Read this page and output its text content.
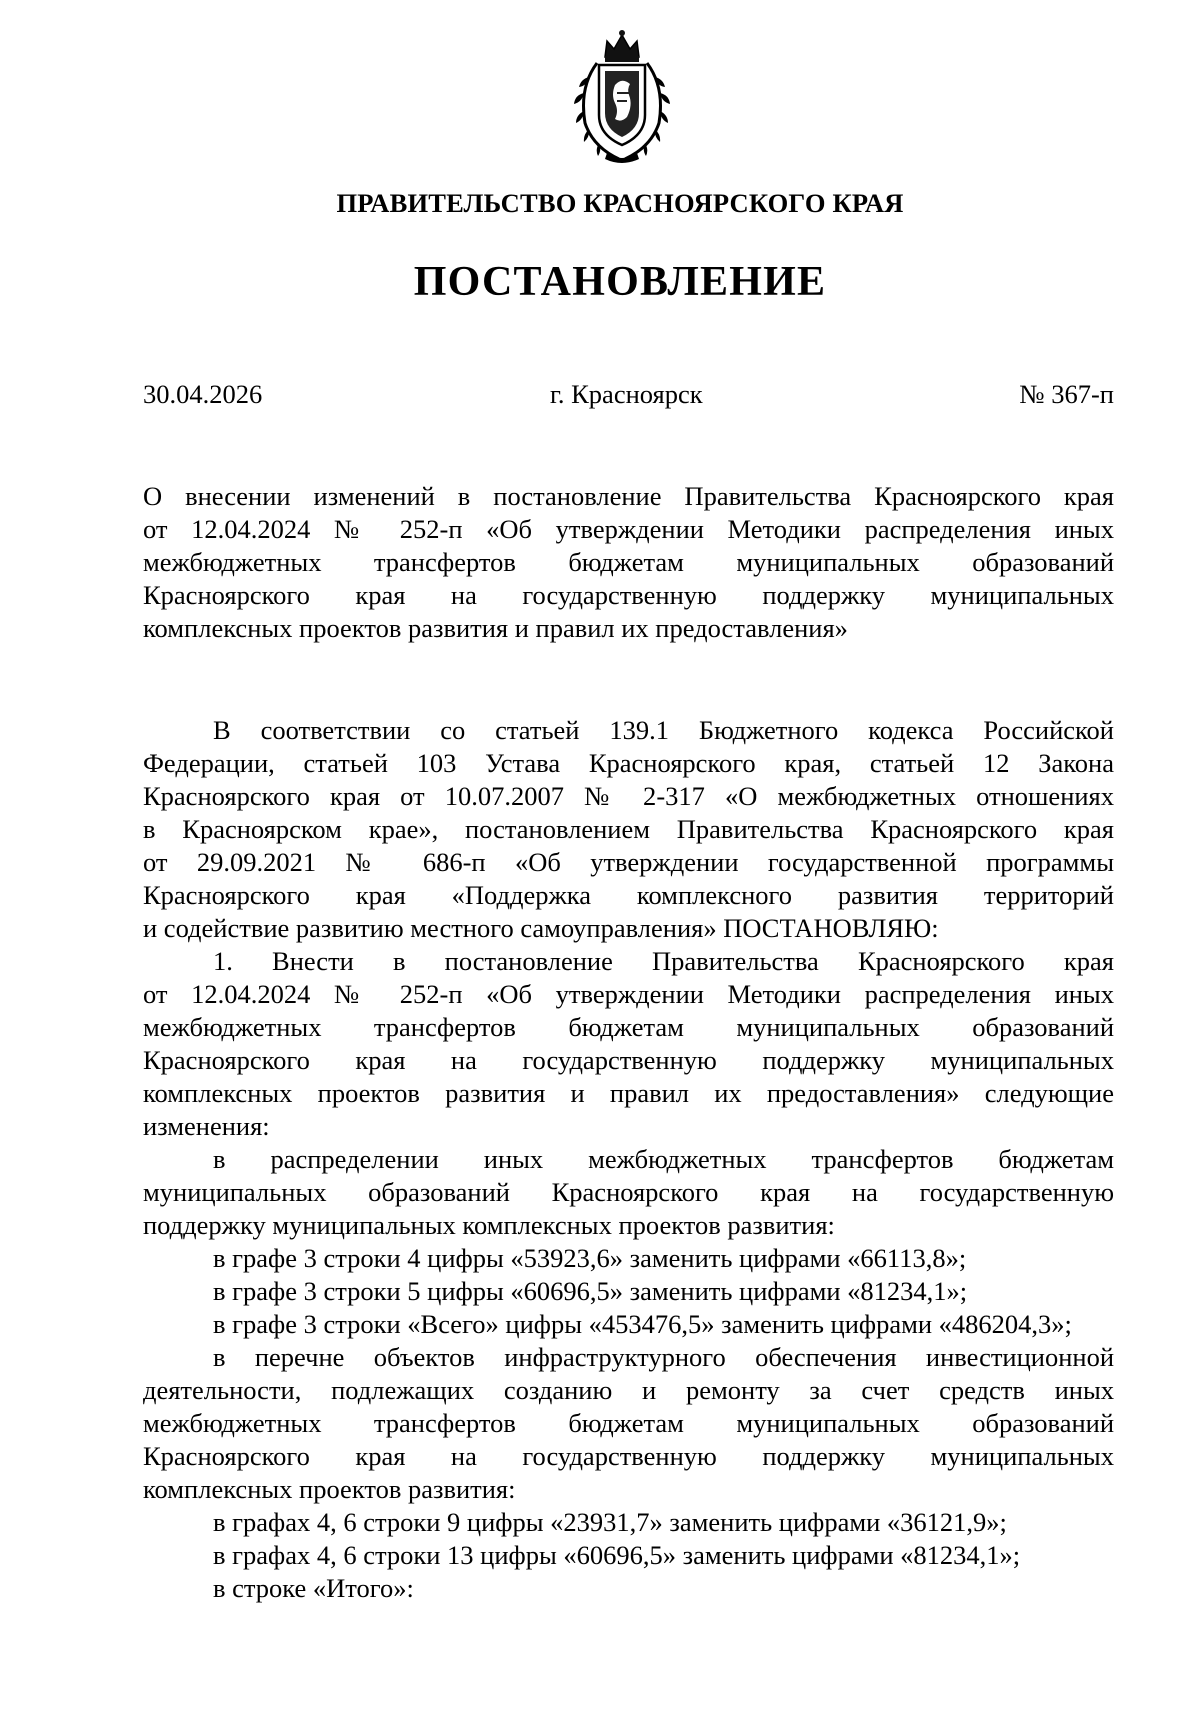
ПРАВИТЕЛЬСТВО КРАСНОЯРСКОГО КРАЯ
ПОСТАНОВЛЕНИЕ
30.04.2026	г. Красноярск	№ 367-п

О внесении изменений в постановление Правительства Красноярского края

от 12.04.2024 № 252-п «Об утверждении Методики распределения иных

межбюджетных трансфертов бюджетам муниципальных образований

Красноярского края на государственную поддержку муниципальных

комплексных проектов развития и правил их предоставления»

В соответствии со статьей 139.1 Бюджетного кодекса Российской

Федерации, статьей 103 Устава Красноярского края, статьей 12 Закона

Красноярского края от 10.07.2007 № 2-317 «О межбюджетных отношениях

в Красноярском крае», постановлением Правительства Красноярского края

от 29.09.2021 № 686-п «Об утверждении государственной программы

Красноярского края «Поддержка комплексного развития территорий

и содействие развитию местного самоуправления» ПОСТАНОВЛЯЮ:

1. Внести в постановление Правительства Красноярского края

от 12.04.2024 № 252-п «Об утверждении Методики распределения иных

межбюджетных трансфертов бюджетам муниципальных образований

Красноярского края на государственную поддержку муниципальных

комплексных проектов развития и правил их предоставления» следующие

изменения:

в распределении иных межбюджетных трансфертов бюджетам

муниципальных образований Красноярского края на государственную

поддержку муниципальных комплексных проектов развития:

в графе 3 строки 4 цифры «53923,6» заменить цифрами «66113,8»;

в графе 3 строки 5 цифры «60696,5» заменить цифрами «81234,1»;

в графе 3 строки «Всего» цифры «453476,5» заменить цифрами «486204,3»;

в перечне объектов инфраструктурного обеспечения инвестиционной

деятельности, подлежащих созданию и ремонту за счет средств иных

межбюджетных трансфертов бюджетам муниципальных образований

Красноярского края на государственную поддержку муниципальных

комплексных проектов развития:

в графах 4, 6 строки 9 цифры «23931,7» заменить цифрами «36121,9»;

в графах 4, 6 строки 13 цифры «60696,5» заменить цифрами «81234,1»;

в строке «Итого»:
